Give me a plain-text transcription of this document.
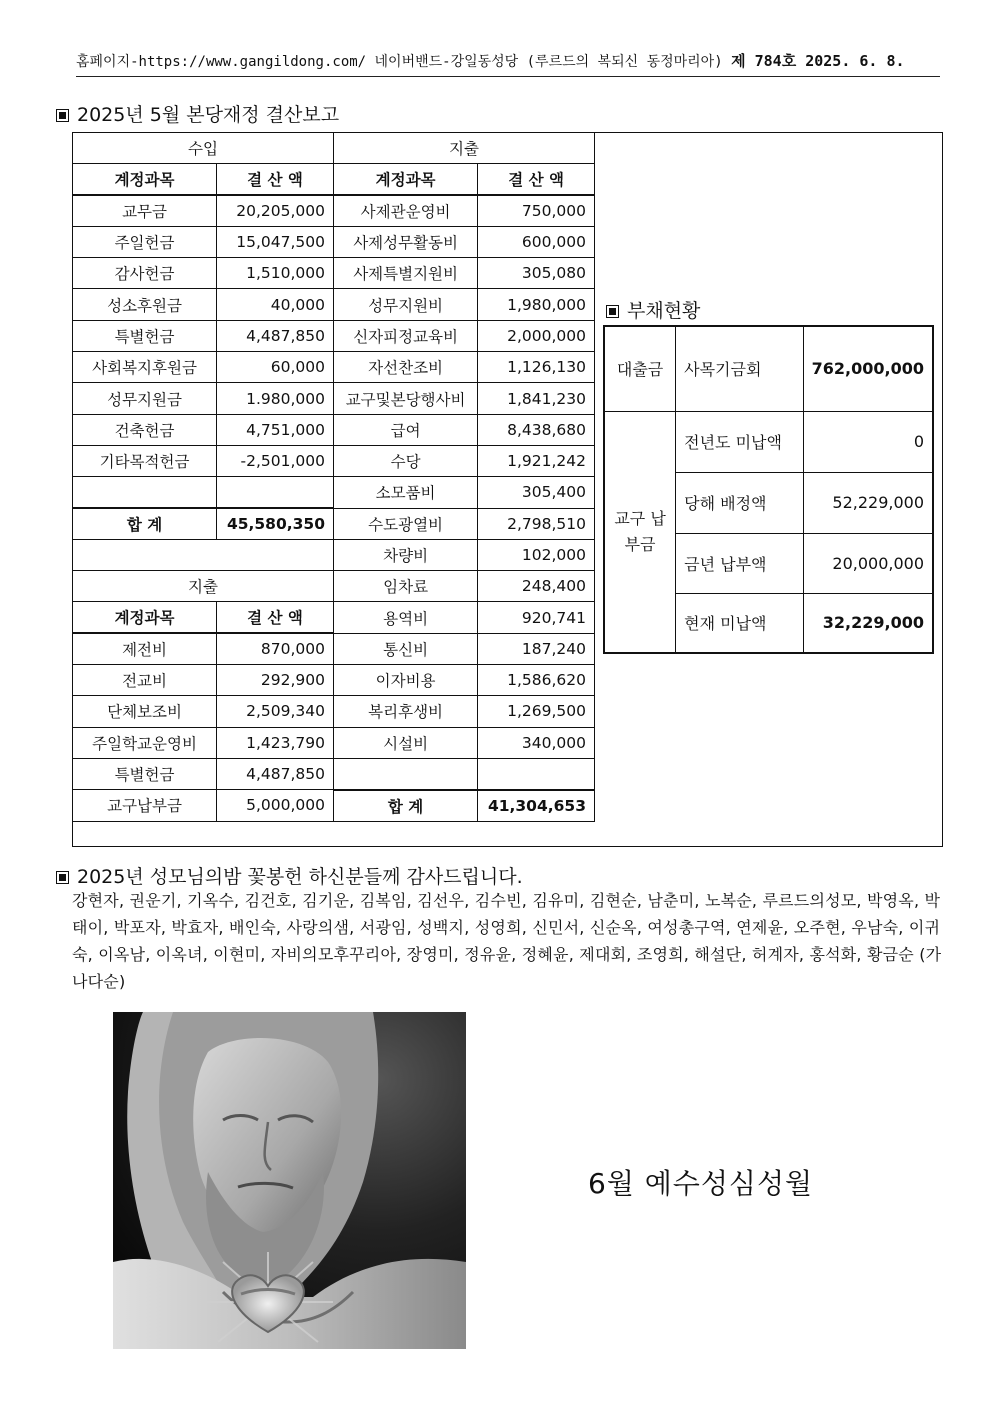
홈페이지-https://www.gangildong.com/ 네이버밴드-강일동성당 (루르드의 복되신 동정마리아) 제 784호 2025. 6. 8.
2025년 5월 본당재정 결산보고
수입	
계정과목	결 산 액
교무금	20,205,000
주일헌금	15,047,500
감사헌금	1,510,000
성소후원금	40,000
특별헌금	4,487,850
사회복지후원금	60,000
성무지원금	1.980,000
건축헌금	4,751,000
기타목적헌금	-2,501,000

합 계	45,580,350

지출	
계정과목	결 산 액
제전비	870,000
전교비	292,900
단체보조비	2,509,340
주일학교운영비	1,423,790
특별헌금	4,487,850
교구납부금	5,000,000
지출	
계정과목	결 산 액
사제관운영비	750,000
사제성무활동비	600,000
사제특별지원비	305,080
성무지원비	1,980,000
신자피정교육비	2,000,000
자선찬조비	1,126,130
교구및본당행사비	1,841,230
급여	8,438,680
수당	1,921,242
소모품비	305,400
수도광열비	2,798,510
차량비	102,000
임차료	248,400
용역비	920,741
통신비	187,240
이자비용	1,586,620
복리후생비	1,269,500
시설비	340,000

합 계	41,304,653
부채현황
대출금	사목기금회	762,000,000
교구 납부금	전년도 미납액	0
	당해 배정액	52,229,000
	금년 납부액	20,000,000
	현재 미납액	32,229,000
2025년 성모님의밤 꽃봉헌 하신분들께 감사드립니다.
강현자, 권운기, 기옥수, 김건호, 김기운, 김복임, 김선우, 김수빈, 김유미, 김현순, 남춘미, 노복순, 루르드의성모, 박영옥, 박태이, 박포자, 박효자, 배인숙, 사랑의샘, 서광임, 성백지, 성영희, 신민서, 신순옥, 여성총구역, 연제윤, 오주현, 우남숙, 이귀숙, 이옥남, 이옥녀, 이현미, 자비의모후꾸리아, 장영미, 정유윤, 정혜윤, 제대회, 조영희, 해설단, 허계자, 홍석화, 황금순 (가나다순)
6월 예수성심성월
